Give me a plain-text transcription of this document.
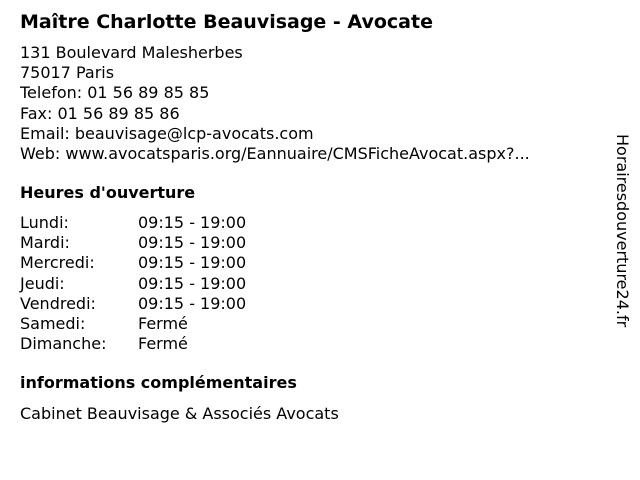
Maître Charlotte Beauvisage - Avocate
131 Boulevard Malesherbes
75017 Paris
Telefon: 01 56 89 85 85
Fax: 01 56 89 85 86
Email: beauvisage@lcp-avocats.com
Web: www.avocatsparis.org/Eannuaire/CMSFicheAvocat.aspx?...
Heures d'ouverture
Lundi:	09:15 - 19:00
Mardi:	09:15 - 19:00
Mercredi:	09:15 - 19:00
Jeudi:	09:15 - 19:00
Vendredi:	09:15 - 19:00
Samedi:	Fermé
Dimanche: Fermé
informations complémentaires
Cabinet Beauvisage & Associés Avocats
Horairesdouverture24.fr
